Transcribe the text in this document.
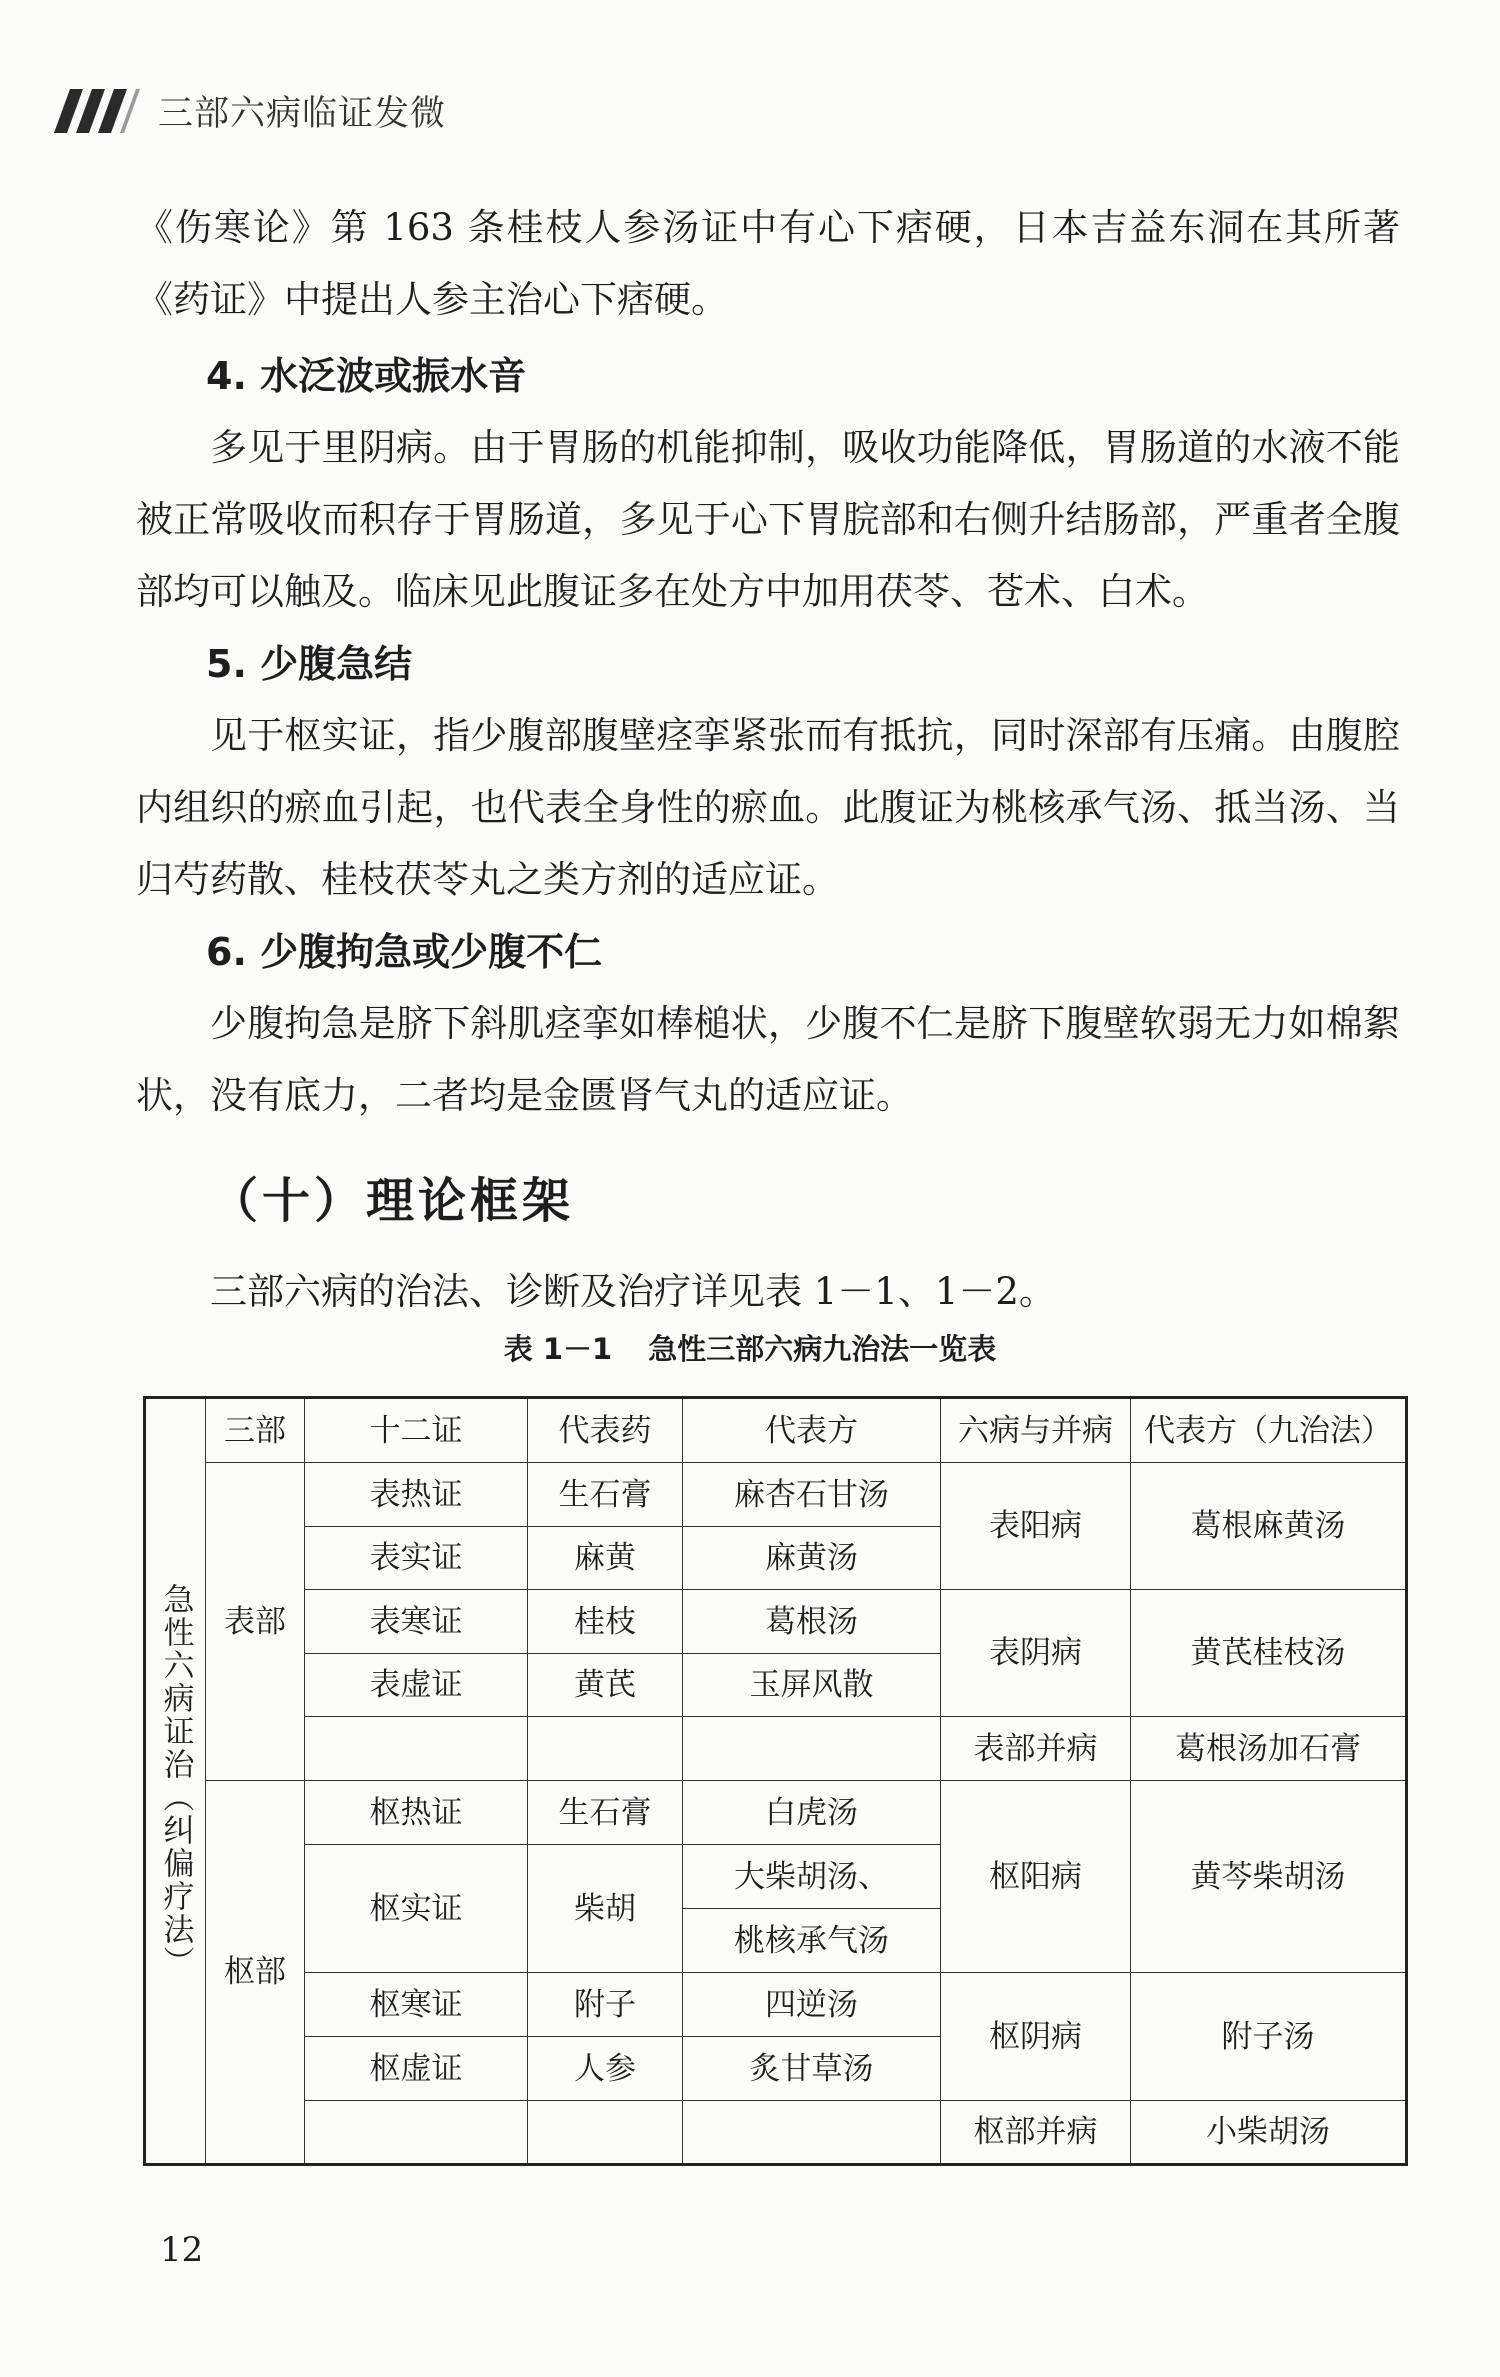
三部六病临证发微
《伤寒论》第 163 条桂枝人参汤证中有心下痞硬，日本吉益东洞在其所著《药证》中提出人参主治心下痞硬。
4. 水泛波或振水音
多见于里阴病。由于胃肠的机能抑制，吸收功能降低，胃肠道的水液不能被正常吸收而积存于胃肠道，多见于心下胃脘部和右侧升结肠部，严重者全腹部均可以触及。临床见此腹证多在处方中加用茯苓、苍术、白术。
5. 少腹急结
见于枢实证，指少腹部腹壁痉挛紧张而有抵抗，同时深部有压痛。由腹腔内组织的瘀血引起，也代表全身性的瘀血。此腹证为桃核承气汤、抵当汤、当归芍药散、桂枝茯苓丸之类方剂的适应证。
6. 少腹拘急或少腹不仁
少腹拘急是脐下斜肌痉挛如棒槌状，少腹不仁是脐下腹壁软弱无力如棉絮状，没有底力，二者均是金匮肾气丸的适应证。
（十）理论框架
三部六病的治法、诊断及治疗详见表 1－1、1－2。
表 1－1 急性三部六病九治法一览表
急性六病证治（纠偏疗法）	三部	十二证	代表药	代表方	六病与并病	代表方（九治法）
	表部	表热证	生石膏	麻杏石甘汤	表阳病	葛根麻黄汤
		表实证	麻黄	麻黄汤		
		表寒证	桂枝	葛根汤	表阴病	黄芪桂枝汤
		表虚证	黄芪	玉屏风散		
					表部并病	葛根汤加石膏
	枢部	枢热证	生石膏	白虎汤	枢阳病	黄芩柴胡汤
		枢实证	柴胡	大柴胡汤、		
				桃核承气汤		
		枢寒证	附子	四逆汤	枢阴病	附子汤
		枢虚证	人参	炙甘草汤		
					枢部并病	小柴胡汤
12
